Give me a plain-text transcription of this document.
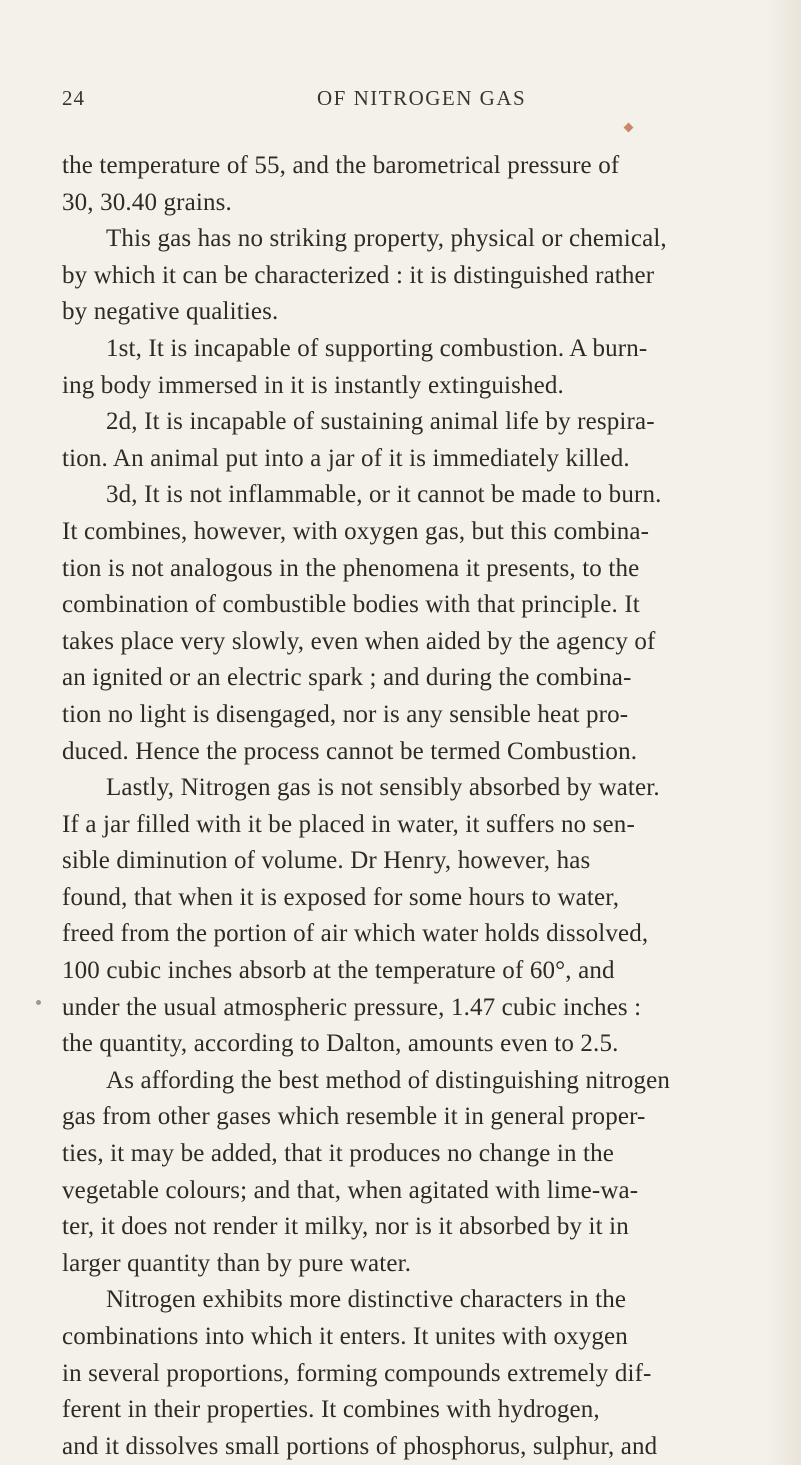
24	OF NITROGEN GAS
the temperature of 55, and the barometrical pressure of
30, 30.40 grains.
This gas has no striking property, physical or chemical,
by which it can be characterized : it is distinguished rather
by negative qualities.
1st, It is incapable of supporting combustion. A burn-
ing body immersed in it is instantly extinguished.
2d, It is incapable of sustaining animal life by respira-
tion. An animal put into a jar of it is immediately killed.
3d, It is not inflammable, or it cannot be made to burn.
It combines, however, with oxygen gas, but this combina-
tion is not analogous in the phenomena it presents, to the
combination of combustible bodies with that principle. It
takes place very slowly, even when aided by the agency of
an ignited or an electric spark ; and during the combina-
tion no light is disengaged, nor is any sensible heat pro-
duced. Hence the process cannot be termed Combustion.
Lastly, Nitrogen gas is not sensibly absorbed by water.
If a jar filled with it be placed in water, it suffers no sen-
sible diminution of volume. Dr Henry, however, has
found, that when it is exposed for some hours to water,
freed from the portion of air which water holds dissolved,
100 cubic inches absorb at the temperature of 60°, and
under the usual atmospheric pressure, 1.47 cubic inches :
the quantity, according to Dalton, amounts even to 2.5.
As affording the best method of distinguishing nitrogen
gas from other gases which resemble it in general proper-
ties, it may be added, that it produces no change in the
vegetable colours; and that, when agitated with lime-wa-
ter, it does not render it milky, nor is it absorbed by it in
larger quantity than by pure water.
Nitrogen exhibits more distinctive characters in the
combinations into which it enters. It unites with oxygen
in several proportions, forming compounds extremely dif-
ferent in their properties. It combines with hydrogen,
and it dissolves small portions of phosphorus, sulphur, and
